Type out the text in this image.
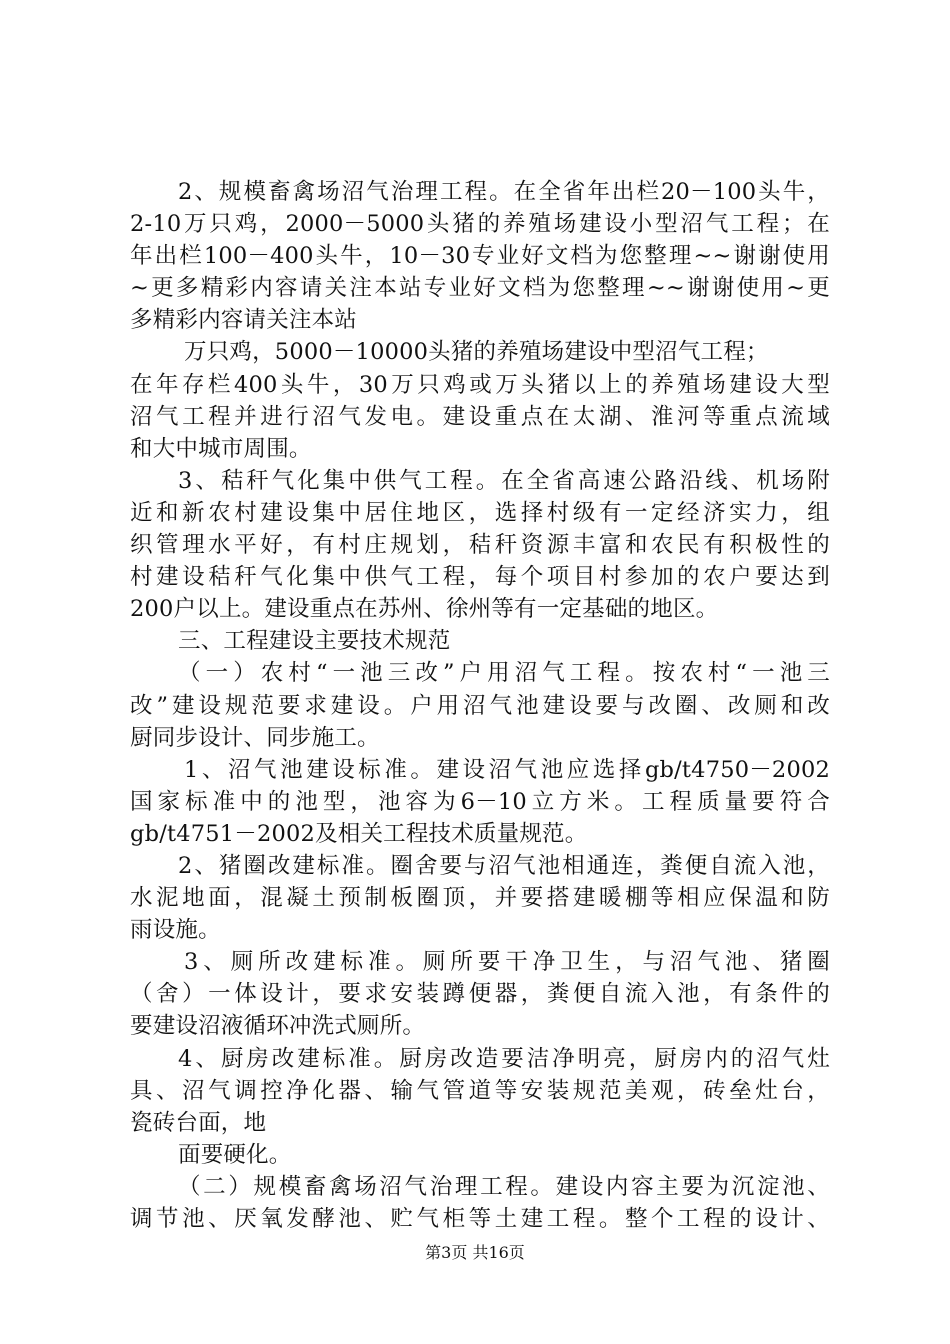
2、规模畜禽场沼气治理工程。在全省年出栏20－100头牛，
2-10万只鸡，2000－5000头猪的养殖场建设小型沼气工程；在
年出栏100－400头牛，10－30专业好文档为您整理~~谢谢使用
~更多精彩内容请关注本站专业好文档为您整理~~谢谢使用~更
多精彩内容请关注本站
万只鸡，5000－10000头猪的养殖场建设中型沼气工程；
在年存栏400头牛，30万只鸡或万头猪以上的养殖场建设大型
沼气工程并进行沼气发电。建设重点在太湖、淮河等重点流域
和大中城市周围。
3、秸秆气化集中供气工程。在全省高速公路沿线、机场附
近和新农村建设集中居住地区，选择村级有一定经济实力，组
织管理水平好，有村庄规划，秸秆资源丰富和农民有积极性的
村建设秸秆气化集中供气工程，每个项目村参加的农户要达到
200户以上。建设重点在苏州、徐州等有一定基础的地区。
三、工程建设主要技术规范
（一）农村“一池三改”户用沼气工程。按农村“一池三
改”建设规范要求建设。户用沼气池建设要与改圈、改厕和改
厨同步设计、同步施工。
1、沼气池建设标准。建设沼气池应选择gb/t4750－2002
国家标准中的池型，池容为6－10立方米。工程质量要符合
gb/t4751－2002及相关工程技术质量规范。
2、猪圈改建标准。圈舍要与沼气池相通连，粪便自流入池，
水泥地面，混凝土预制板圈顶，并要搭建暖棚等相应保温和防
雨设施。
3、厕所改建标准。厕所要干净卫生，与沼气池、猪圈
（舍）一体设计，要求安装蹲便器，粪便自流入池，有条件的
要建设沼液循环冲洗式厕所。
4、厨房改建标准。厨房改造要洁净明亮，厨房内的沼气灶
具、沼气调控净化器、输气管道等安装规范美观，砖垒灶台，
瓷砖台面，地
面要硬化。
（二）规模畜禽场沼气治理工程。建设内容主要为沉淀池、
调节池、厌氧发酵池、贮气柜等土建工程。整个工程的设计、
第3页 共16页
